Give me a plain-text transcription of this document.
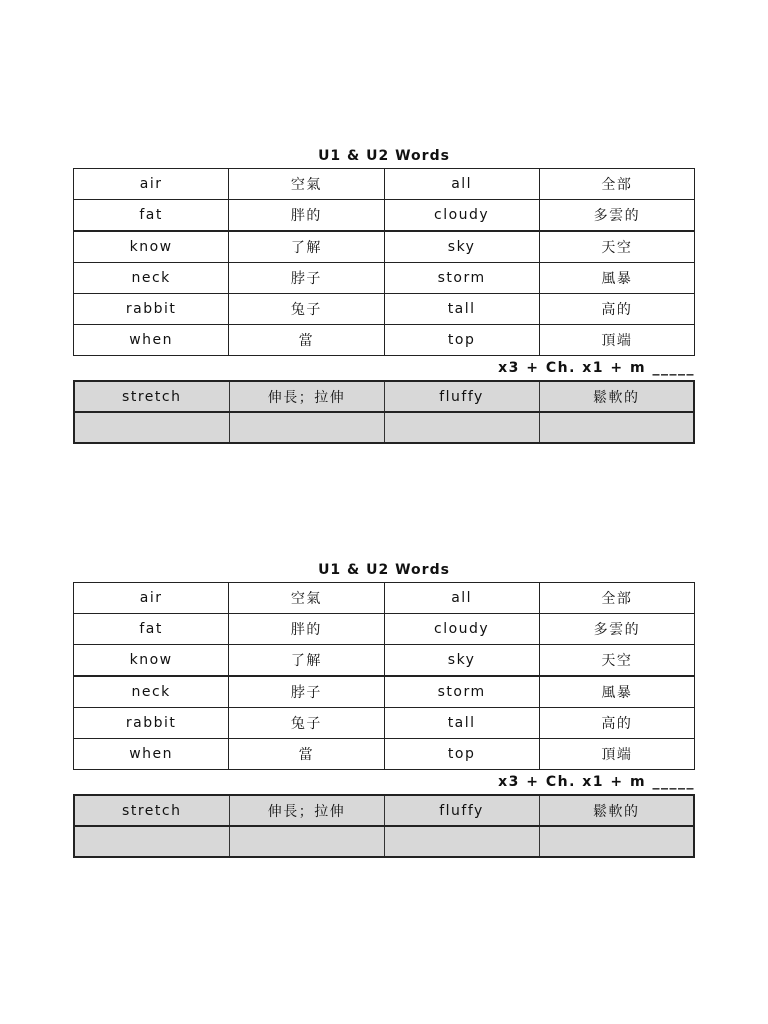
U1 & U2 Words
air	空氣	all	全部
fat	胖的	cloudy	多雲的
know	了解	sky	天空
neck	脖子	storm	風暴
rabbit	兔子	tall	高的
when	當	top	頂端
x3 + Ch. x1 + m _____
stretch	伸長；拉伸	fluffy	鬆軟的

U1 & U2 Words
air	空氣	all	全部
fat	胖的	cloudy	多雲的
know	了解	sky	天空
neck	脖子	storm	風暴
rabbit	兔子	tall	高的
when	當	top	頂端
x3 + Ch. x1 + m _____
stretch	伸長；拉伸	fluffy	鬆軟的
